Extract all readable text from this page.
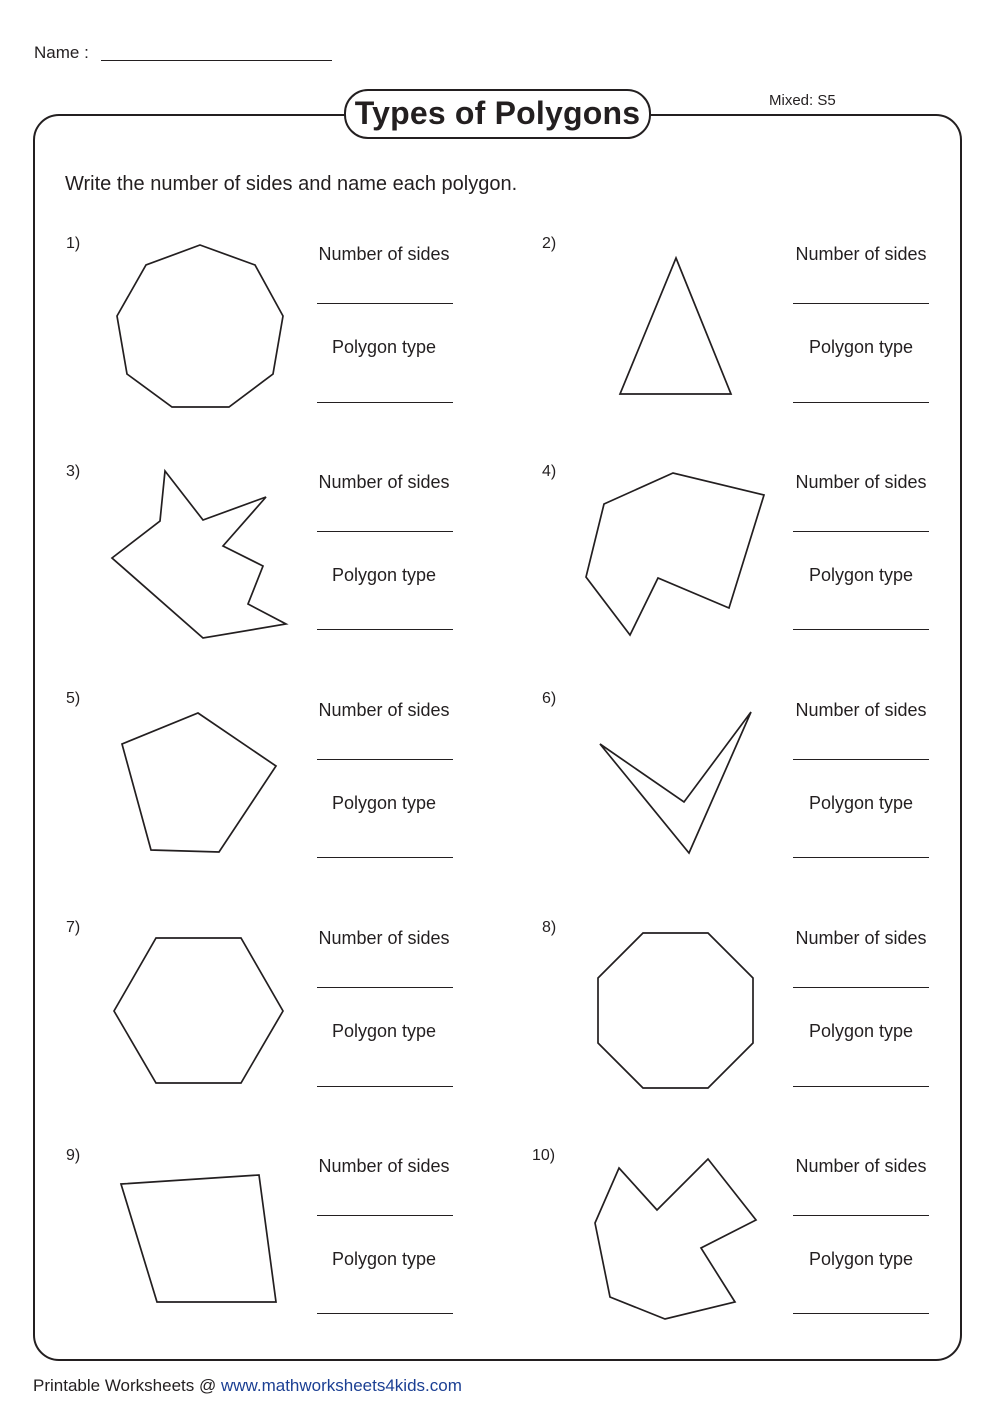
Name :
Types of Polygons	Mixed: S5
Write the number of sides and name each polygon.
1)
Number of sides
Polygon type
2)
Number of sides
Polygon type
3)
Number of sides
Polygon type
4)
Number of sides
Polygon type
5)
Number of sides
Polygon type
6)
Number of sides
Polygon type
7)
Number of sides
Polygon type
8)
Number of sides
Polygon type
9)
Number of sides
Polygon type
10)
Number of sides
Polygon type
Printable Worksheets @ www.mathworksheets4kids.com
